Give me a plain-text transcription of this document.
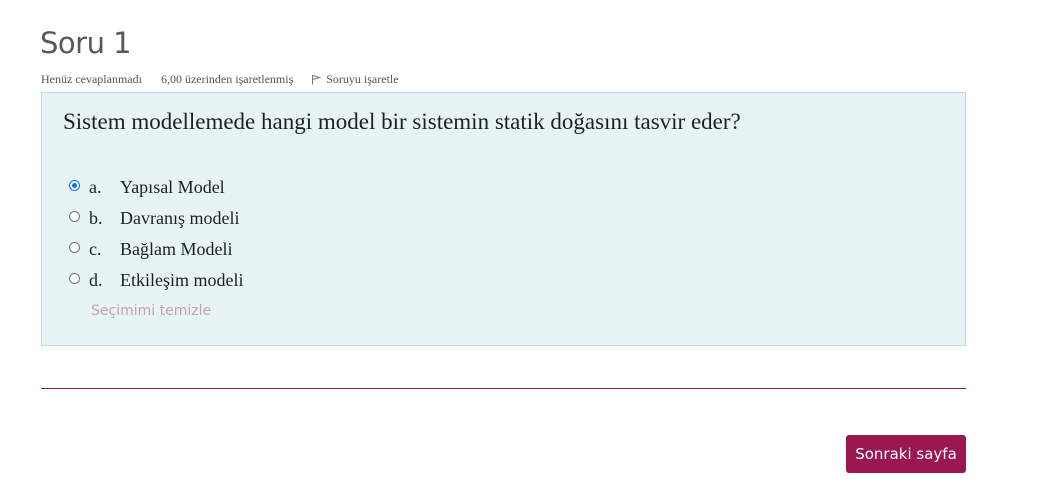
Soru 1
Henüz cevaplanmadı 6,00 üzerinden işaretlenmiş	Soruyu işaretle
Sistem modellemede hangi model bir sistemin statik doğasını tasvir eder?
a.	Yapısal Model
b. Davranış modeli
c.	Bağlam Modeli
d. Etkileşim modeli
Seçimimi temizle
Sonraki sayfa
